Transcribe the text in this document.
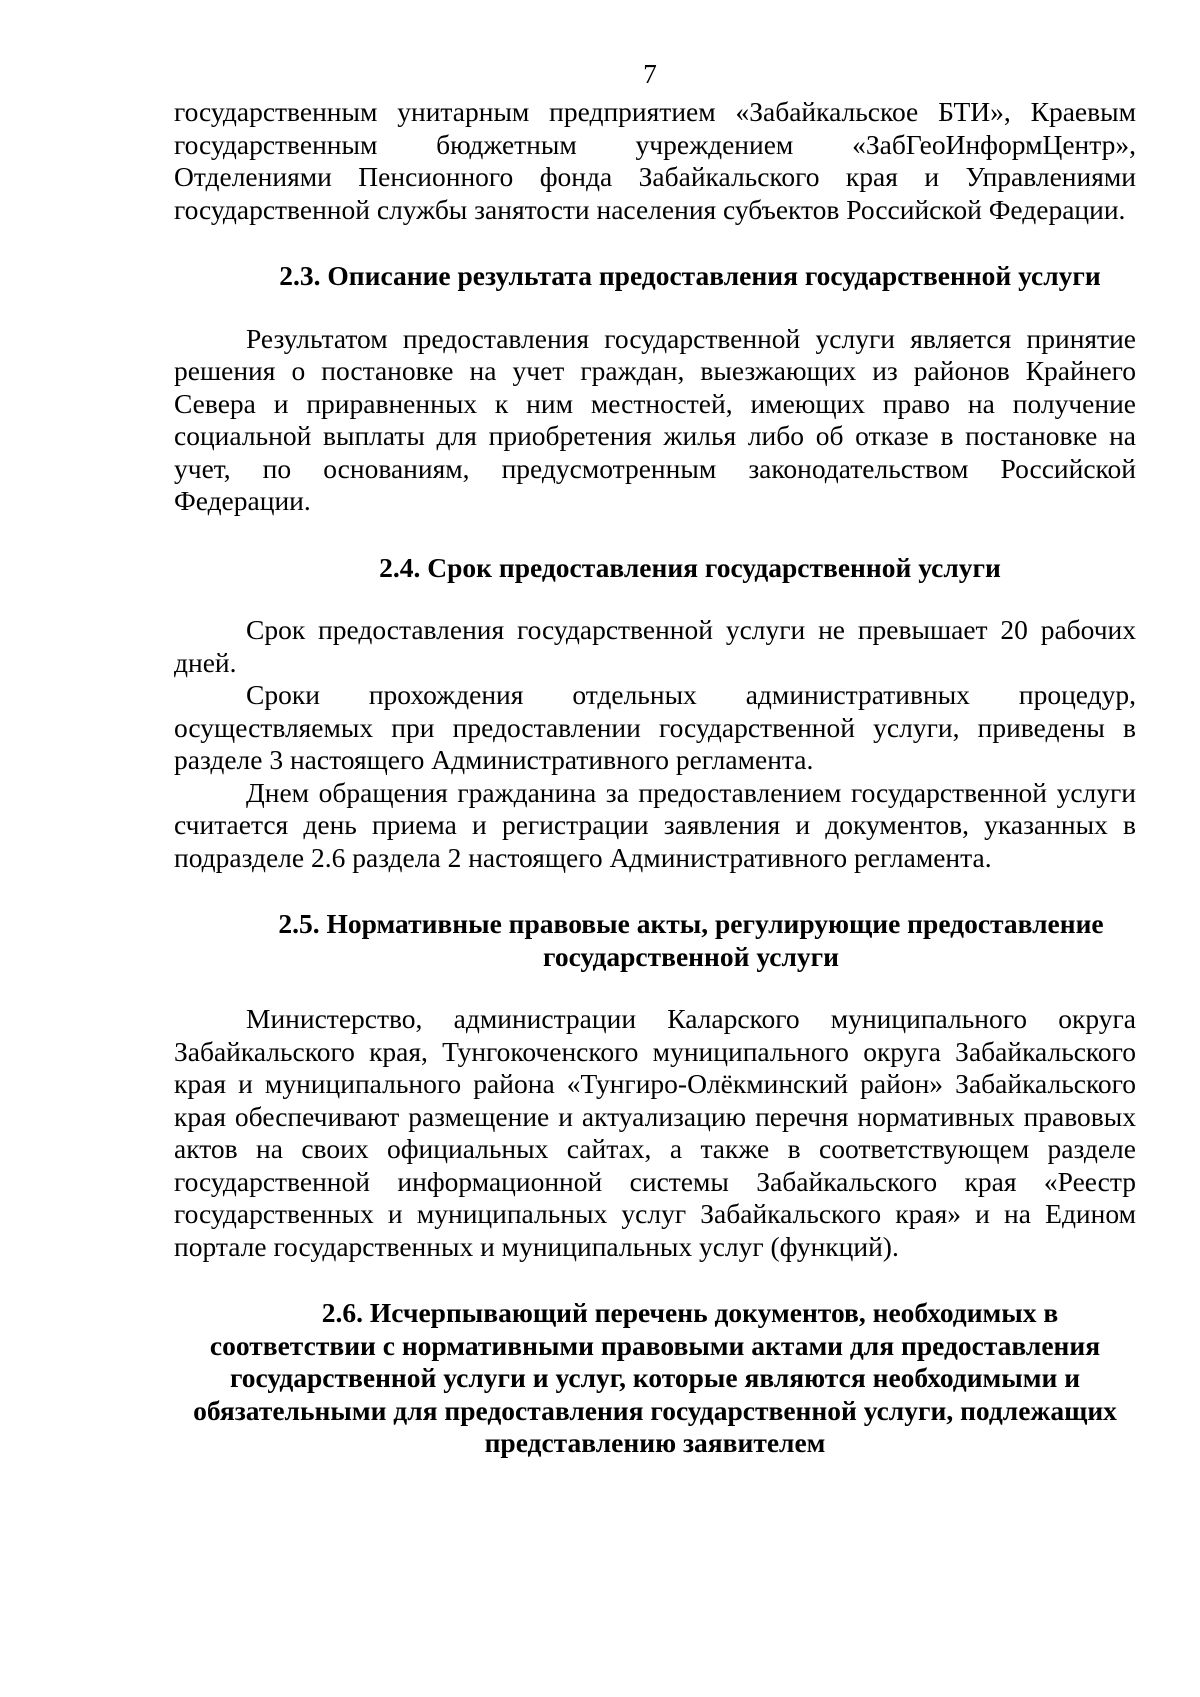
7

государственным унитарным предприятием «Забайкальское БТИ», Краевым государственным бюджетным учреждением «ЗабГеоИнформЦентр», Отделениями Пенсионного фонда Забайкальского края и Управлениями государственной службы занятости населения субъектов Российской Федерации.

2.3. Описание результата предоставления государственной услуги

Результатом предоставления государственной услуги является принятие решения о постановке на учет граждан, выезжающих из районов Крайнего Севера и приравненных к ним местностей, имеющих право на получение социальной выплаты для приобретения жилья либо об отказе в постановке на учет, по основаниям, предусмотренным законодательством Российской Федерации.

2.4. Срок предоставления государственной услуги

Срок предоставления государственной услуги не превышает 20 рабочих дней.

Сроки прохождения отдельных административных процедур, осуществляемых при предоставлении государственной услуги, приведены в разделе 3 настоящего Административного регламента.

Днем обращения гражданина за предоставлением государственной услуги считается день приема и регистрации заявления и документов, указанных в подразделе 2.6 раздела 2 настоящего Административного регламента.

2.5. Нормативные правовые акты, регулирующие предоставление
государственной услуги

Министерство, администрации Каларского муниципального округа Забайкальского края, Тунгокоченского муниципального округа Забайкальского края и муниципального района «Тунгиро-Олёкминский район» Забайкальского края обеспечивают размещение и актуализацию перечня нормативных правовых актов на своих официальных сайтах, а также в соответствующем разделе государственной информационной системы Забайкальского края «Реестр государственных и муниципальных услуг Забайкальского края» и на Едином портале государственных и муниципальных услуг (функций).

2.6. Исчерпывающий перечень документов, необходимых в
соответствии с нормативными правовыми актами для предоставления государственной услуги и услуг, которые являются необходимыми и обязательными для предоставления государственной услуги, подлежащих представлению заявителем
